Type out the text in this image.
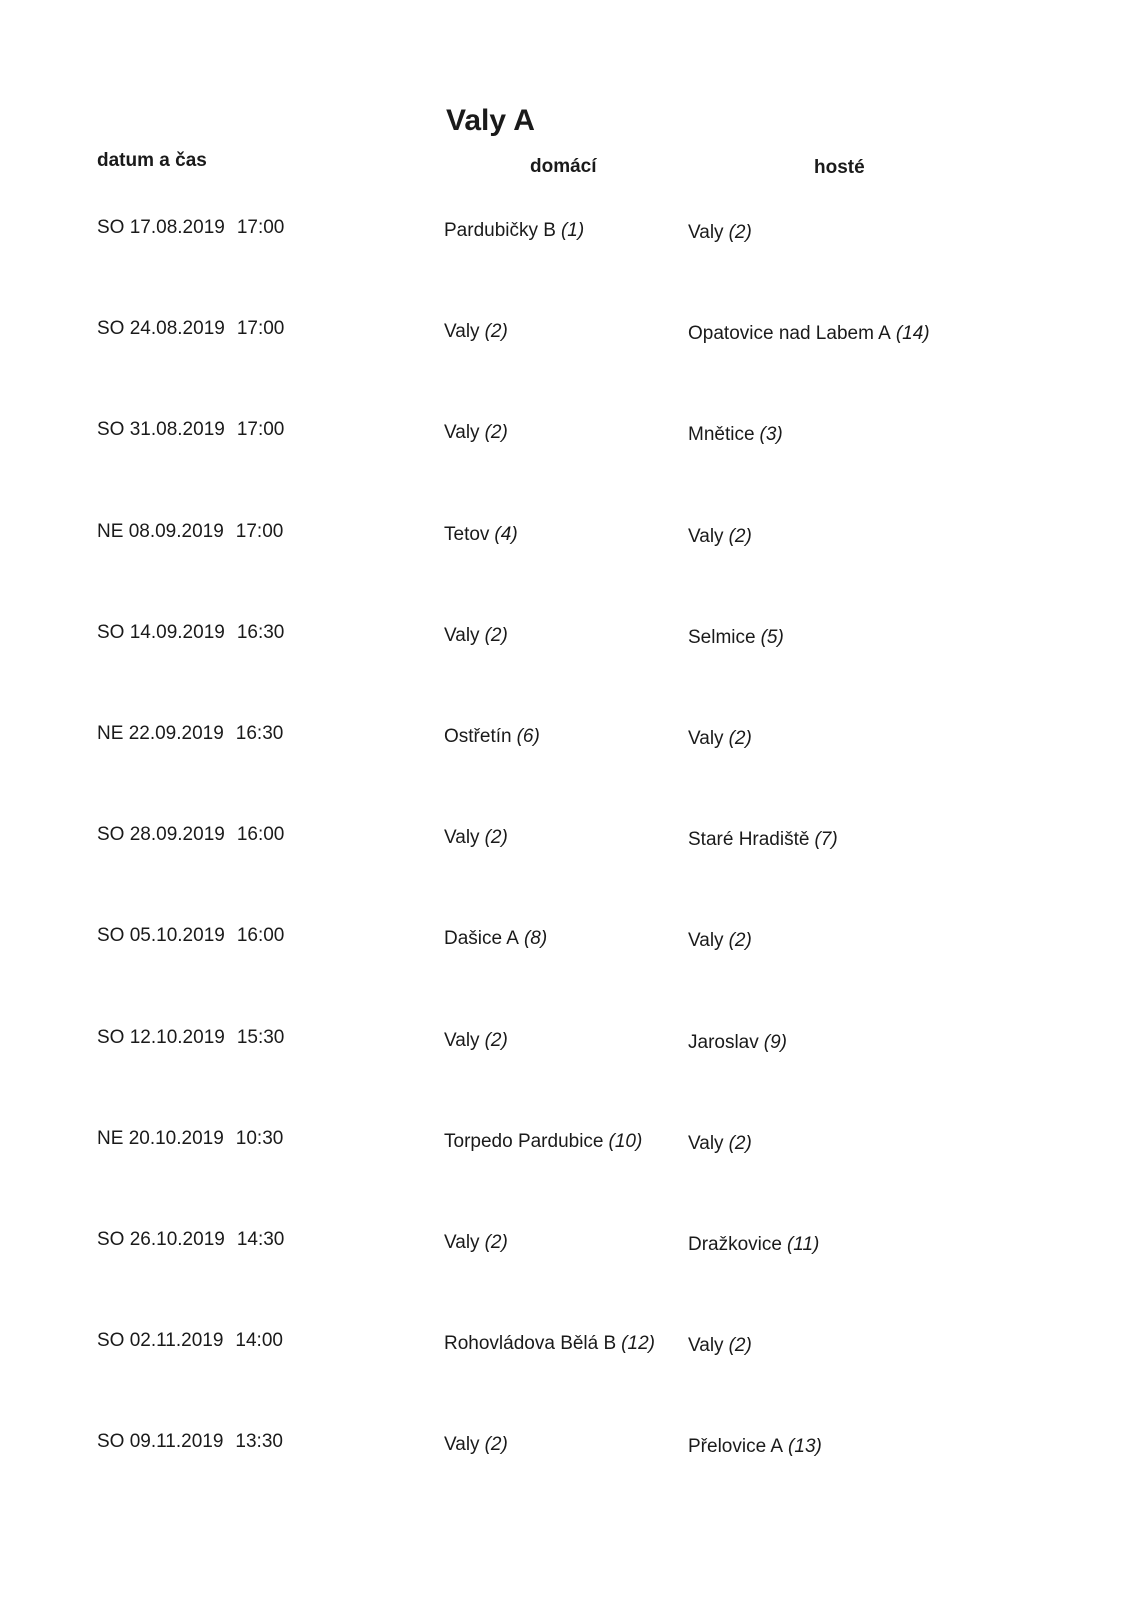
Valy A
datum a čas	domácí	hosté
SO 17.08.2019 17:00	Pardubičky B (1)	Valy (2)
SO 24.08.2019 17:00	Valy (2)	Opatovice nad Labem A (14)
SO 31.08.2019 17:00	Valy (2)	Mnětice (3)
NE 08.09.2019 17:00	Tetov (4)	Valy (2)
SO 14.09.2019 16:30	Valy (2)	Selmice (5)
NE 22.09.2019 16:30	Ostřetín (6)	Valy (2)
SO 28.09.2019 16:00	Valy (2)	Staré Hradiště (7)
SO 05.10.2019 16:00	Dašice A (8)	Valy (2)
SO 12.10.2019 15:30	Valy (2)	Jaroslav (9)
NE 20.10.2019 10:30	Torpedo Pardubice (10) Valy (2)
SO 26.10.2019 14:30	Valy (2)	Dražkovice (11)
SO 02.11.2019 14:00	Rohovládova Bělá B (12) Valy (2)
SO 09.11.2019 13:30	Valy (2)	Přelovice A (13)
